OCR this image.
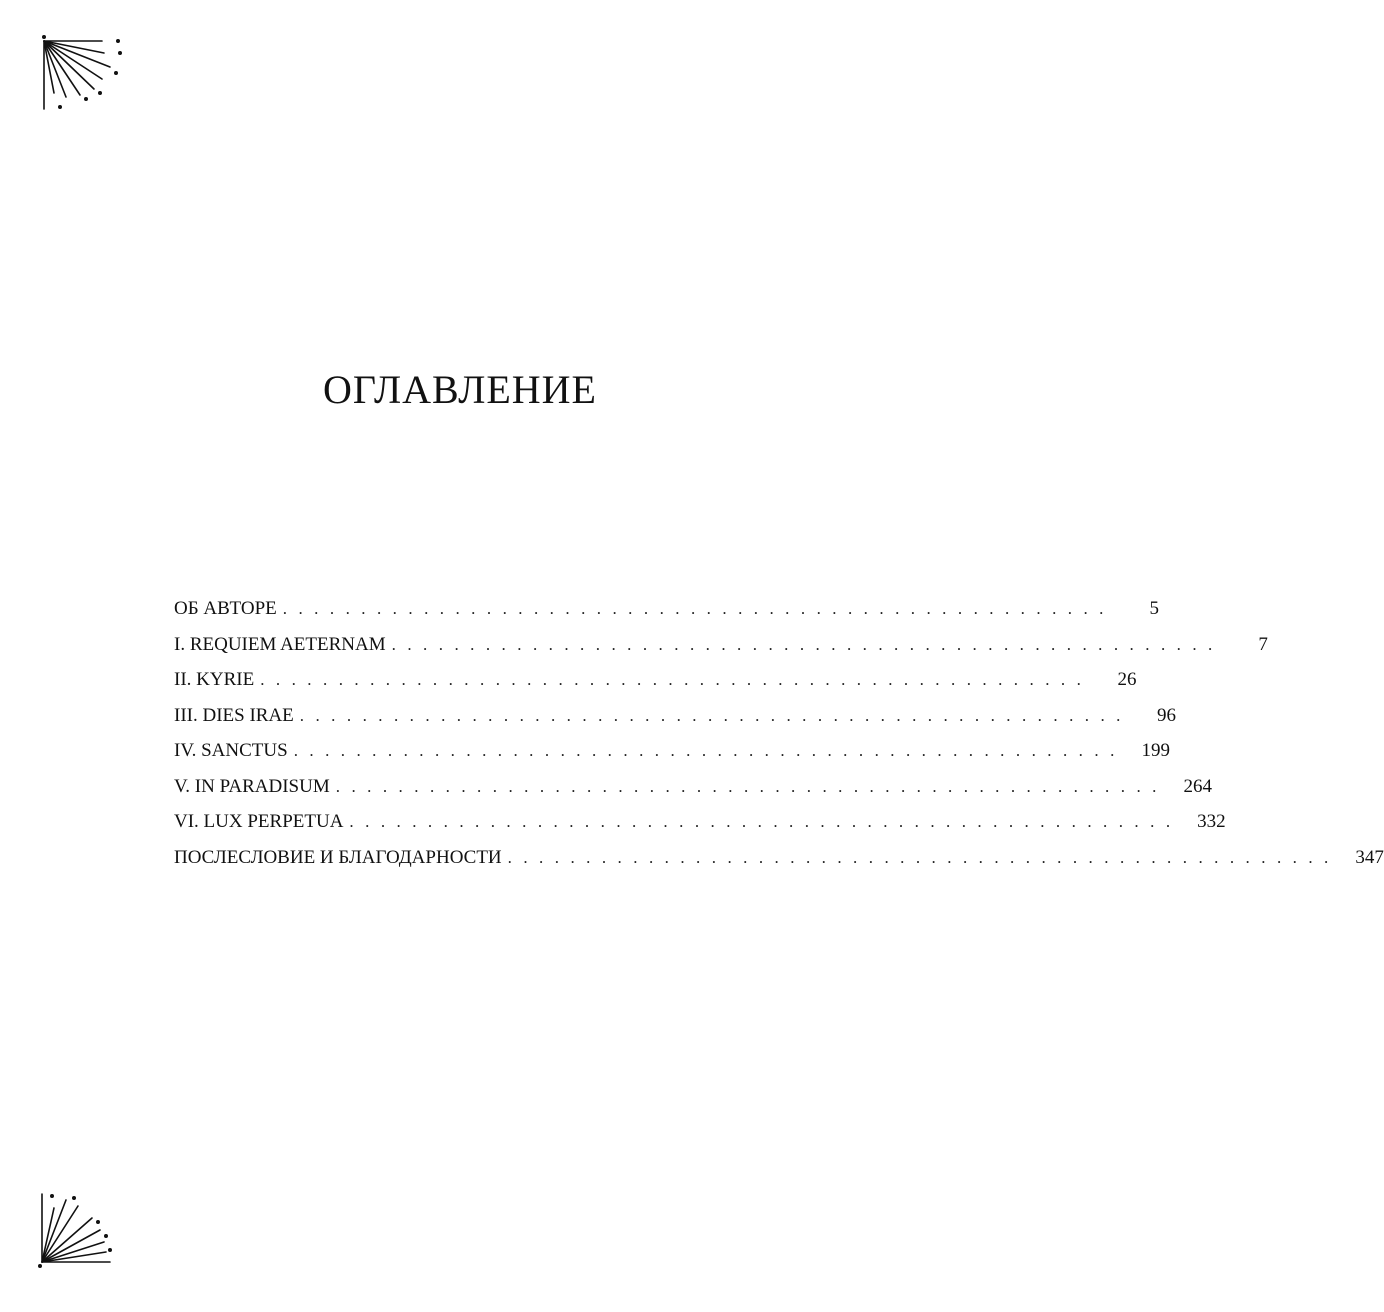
ОГЛАВЛЕНИЕ
ОБ АВТОРЕ . . . . . . . . . . . . . . . . . . . . . . . . . . . . . . . . . . . . . . . . . . . . . . . . . . . . .	5
I. REQUIEM AETERNAM . . . . . . . . . . . . . . . . . . . . . . . . . . . . . . . . . . . . . . . . . . . . . . . . . . . . .	7
II. KYRIE . . . . . . . . . . . . . . . . . . . . . . . . . . . . . . . . . . . . . . . . . . . . . . . . . . . . .	26
III. DIES IRAE . . . . . . . . . . . . . . . . . . . . . . . . . . . . . . . . . . . . . . . . . . . . . . . . . . . . .	96
IV. SANCTUS . . . . . . . . . . . . . . . . . . . . . . . . . . . . . . . . . . . . . . . . . . . . . . . . . . . . .	199
V. IN PARADISUM . . . . . . . . . . . . . . . . . . . . . . . . . . . . . . . . . . . . . . . . . . . . . . . . . . . . .	264
VI. LUX PERPETUA . . . . . . . . . . . . . . . . . . . . . . . . . . . . . . . . . . . . . . . . . . . . . . . . . . . . .	332
ПОСЛЕСЛОВИЕ И БЛАГОДАРНОСТИ . . . . . . . . . . . . . . . . . . . . . . . . . . . . . . . . . . . . . . . . . . . . . . . . . . . . .	347
